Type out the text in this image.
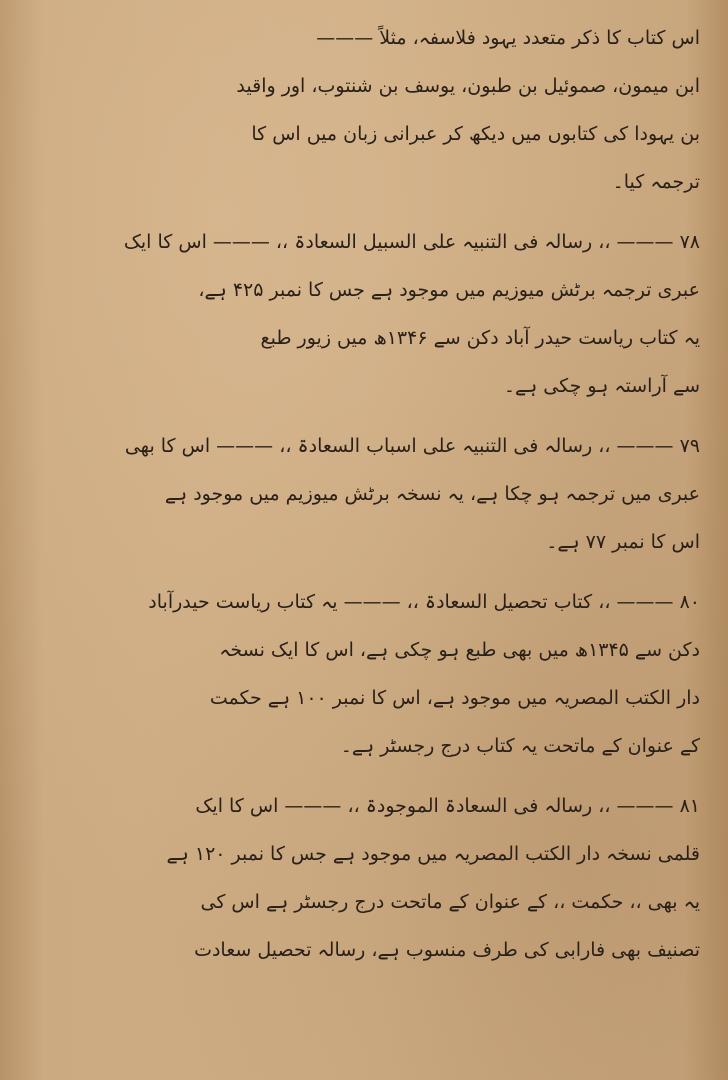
اس کتاب کا ذکر متعدد یہود فلاسفہ، مثلاً ———
ابن میمون، صموئیل بن طبون، یوسف بن شنتوب، اور واقید
بن یہودا کی کتابوں میں دیکھ کر عبرانی زبان میں اس کا
ترجمہ کیا۔
۷۸ ——— ،، رسالہ فی التنبیہ علی السبیل السعادۃ ،، ——— اس کا ایک
عبری ترجمہ برٹش میوزیم میں موجود ہے جس کا نمبر ۴۲۵ ہے،
یہ کتاب ریاست حیدر آباد دکن سے ۱۳۴۶ھ میں زیور طبع
سے آراستہ ہو چکی ہے۔
۷۹ ——— ،، رسالہ فی التنبیہ علی اسباب السعادۃ ،، ——— اس کا بھی
عبری میں ترجمہ ہو چکا ہے، یہ نسخہ برٹش میوزیم میں موجود ہے
اس کا نمبر ۷۷ ہے۔
۸۰ ——— ،، کتاب تحصیل السعادۃ ،، ——— یہ کتاب ریاست حیدرآباد
دکن سے ۱۳۴۵ھ میں بھی طبع ہو چکی ہے، اس کا ایک نسخہ
دار الکتب المصریہ میں موجود ہے، اس کا نمبر ۱۰۰ ہے حکمت
کے عنوان کے ماتحت یہ کتاب درج رجسٹر ہے۔
۸۱ ——— ،، رسالہ فی السعادۃ الموجودۃ ،، ——— اس کا ایک
قلمی نسخہ دار الکتب المصریہ میں موجود ہے جس کا نمبر ۱۲۰ ہے
یہ بھی ،، حکمت ،، کے عنوان کے ماتحت درج رجسٹر ہے اس کی
تصنیف بھی فارابی کی طرف منسوب ہے، رسالہ تحصیل سعادت
